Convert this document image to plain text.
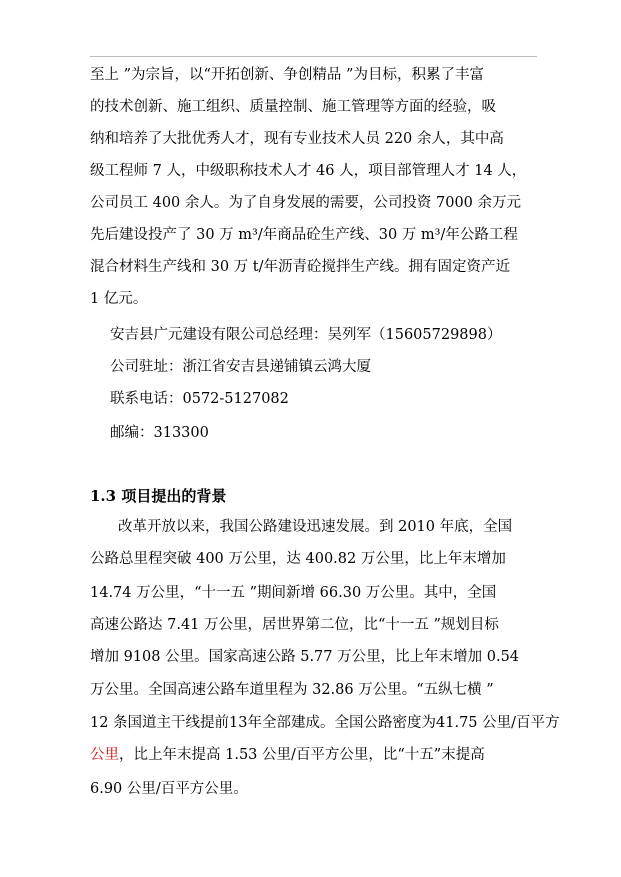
至上 ”为宗旨，以“开拓创新、争创精品 ”为目标，积累了丰富
的技术创新、施工组织、质量控制、施工管理等方面的经验，吸
纳和培养了大批优秀人才，现有专业技术人员 220 余人，其中高
级工程师 7 人，中级职称技术人才 46 人，项目部管理人才 14 人，
公司员工 400 余人。为了自身发展的需要，公司投资 7000 余万元
先后建设投产了 30 万 m³/年商品砼生产线、30 万 m³/年公路工程
混合材料生产线和 30 万 t/年沥青砼搅拌生产线。拥有固定资产近
1 亿元。
安吉县广元建设有限公司总经理：吴列军（15605729898）
公司驻址：浙江省安吉县递铺镇云鸿大厦
联系电话：0572-5127082
邮编：313300
1.3 项目提出的背景
改革开放以来，我国公路建设迅速发展。到 2010 年底，全国
公路总里程突破 400 万公里，达 400.82 万公里，比上年末增加
14.74 万公里，“十一五 ”期间新增 66.30 万公里。其中，全国
高速公路达 7.41 万公里，居世界第二位，比“十一五 ”规划目标
增加 9108 公里。国家高速公路 5.77 万公里，比上年末增加 0.54
万公里。全国高速公路车道里程为 32.86 万公里。“五纵七横 ”
12 条国道主干线提前13年全部建成。全国公路密度为41.75 公里/百平方
公里，比上年末提高 1.53 公里/百平方公里，比“十五”末提高
6.90 公里/百平方公里。
